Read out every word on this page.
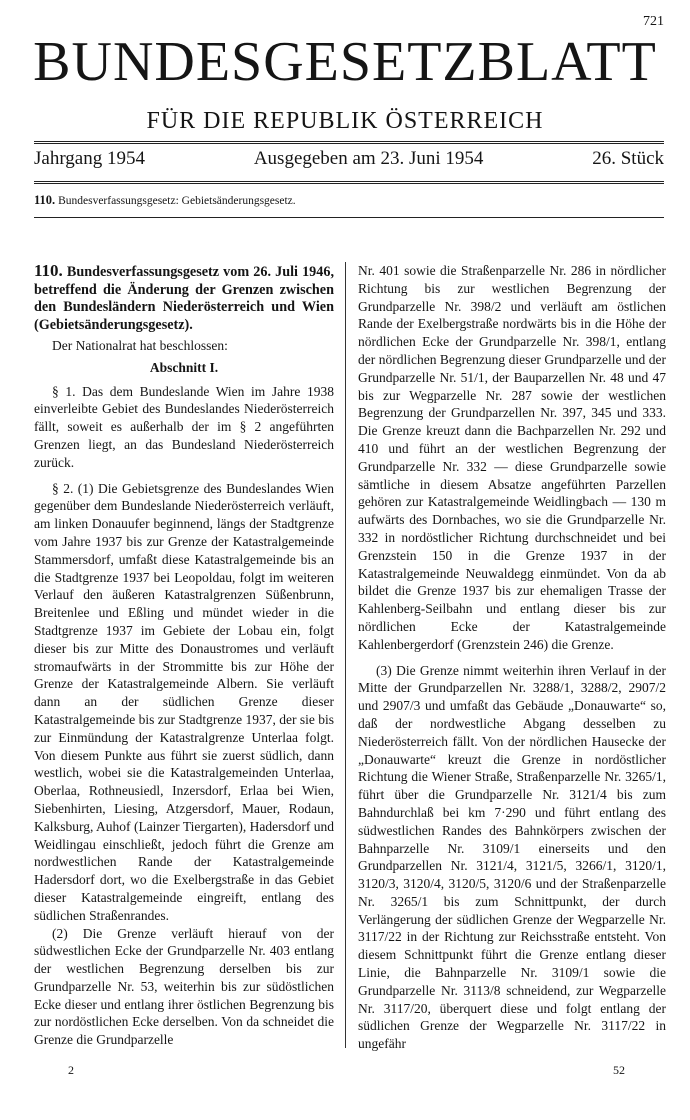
721
BUNDESGESETZBLATT
FÜR DIE REPUBLIK ÖSTERREICH
Jahrgang 1954	Ausgegeben am 23. Juni 1954	26. Stück
110. Bundesverfassungsgesetz: Gebietsänderungsgesetz.
110. Bundesverfassungsgesetz vom 26. Juli 1946, betreffend die Änderung der Grenzen zwischen den Bundesländern Niederösterreich und Wien (Gebietsänderungsgesetz).
Der Nationalrat hat beschlossen:
Abschnitt I.

§ 1. Das dem Bundeslande Wien im Jahre 1938 einverleibte Gebiet des Bundeslandes Niederösterreich fällt, soweit es außerhalb der im § 2 angeführten Grenzen liegt, an das Bundesland Niederösterreich zurück.

§ 2. (1) Die Gebietsgrenze des Bundeslandes Wien gegenüber dem Bundeslande Niederösterreich verläuft, am linken Donauufer beginnend, längs der Stadtgrenze vom Jahre 1937 bis zur Grenze der Katastralgemeinde Stammersdorf, umfaßt diese Katastralgemeinde bis an die Stadtgrenze 1937 bei Leopoldau, folgt im weiteren Verlauf den äußeren Katastralgrenzen Süßenbrunn, Breitenlee und Eßling und mündet wieder in die Stadtgrenze 1937 im Gebiete der Lobau ein, folgt dieser bis zur Mitte des Donaustromes und verläuft stromaufwärts in der Strommitte bis zur Höhe der Grenze der Katastralgemeinde Albern. Sie verläuft dann an der südlichen Grenze dieser Katastralgemeinde bis zur Stadtgrenze 1937, der sie bis zur Einmündung der Katastralgrenze Unterlaa folgt. Von diesem Punkte aus führt sie zuerst südlich, dann westlich, wobei sie die Katastralgemeinden Unterlaa, Oberlaa, Rothneusiedl, Inzersdorf, Erlaa bei Wien, Siebenhirten, Liesing, Atzgersdorf, Mauer, Rodaun, Kalksburg, Auhof (Lainzer Tiergarten), Hadersdorf und Weidlingau einschließt, jedoch führt die Grenze am nordwestlichen Rande der Katastralgemeinde Hadersdorf dort, wo die Exelbergstraße in das Gebiet dieser Katastralgemeinde eingreift, entlang des südlichen Straßenrandes.

(2) Die Grenze verläuft hierauf von der südwestlichen Ecke der Grundparzelle Nr. 403 entlang der westlichen Begrenzung derselben bis zur Grundparzelle Nr. 53, weiterhin bis zur südöstlichen Ecke dieser und entlang ihrer östlichen Begrenzung bis zur nordöstlichen Ecke derselben. Von da schneidet die Grenze die Grundparzelle

Nr. 401 sowie die Straßenparzelle Nr. 286 in nördlicher Richtung bis zur westlichen Begrenzung der Grundparzelle Nr. 398/2 und verläuft am östlichen Rande der Exelbergstraße nordwärts bis in die Höhe der nördlichen Ecke der Grundparzelle Nr. 398/1, entlang der nördlichen Begrenzung dieser Grundparzelle und der Grundparzelle Nr. 51/1, der Bauparzellen Nr. 48 und 47 bis zur Wegparzelle Nr. 287 sowie der westlichen Begrenzung der Grundparzellen Nr. 397, 345 und 333. Die Grenze kreuzt dann die Bachparzellen Nr. 292 und 410 und führt an der westlichen Begrenzung der Grundparzelle Nr. 332 — diese Grundparzelle sowie sämtliche in diesem Absatze angeführten Parzellen gehören zur Katastralgemeinde Weidlingbach — 130 m aufwärts des Dornbaches, wo sie die Grundparzelle Nr. 332 in nordöstlicher Richtung durchschneidet und bei Grenzstein 150 in die Grenze 1937 in der Katastralgemeinde Neuwaldegg einmündet. Von da ab bildet die Grenze 1937 bis zur ehemaligen Trasse der Kahlenberg-Seilbahn und entlang dieser bis zur nördlichen Ecke der Katastralgemeinde Kahlenbergerdorf (Grenzstein 246) die Grenze.

(3) Die Grenze nimmt weiterhin ihren Verlauf in der Mitte der Grundparzellen Nr. 3288/1, 3288/2, 2907/2 und 2907/3 und umfaßt das Gebäude „Donauwarte“ so, daß der nordwestliche Abgang desselben zu Niederösterreich fällt. Von der nördlichen Hausecke der „Donauwarte“ kreuzt die Grenze in nordöstlicher Richtung die Wiener Straße, Straßenparzelle Nr. 3265/1, führt über die Grundparzelle Nr. 3121/4 bis zum Bahndurchlaß bei km 7·290 und führt entlang des südwestlichen Randes des Bahnkörpers zwischen der Bahnparzelle Nr. 3109/1 einerseits und den Grundparzellen Nr. 3121/4, 3121/5, 3266/1, 3120/1, 3120/3, 3120/4, 3120/5, 3120/6 und der Straßenparzelle Nr. 3265/1 bis zum Schnittpunkt, der durch Verlängerung der südlichen Grenze der Wegparzelle Nr. 3117/22 in der Richtung zur Reichsstraße entsteht. Von diesem Schnittpunkt führt die Grenze entlang dieser Linie, die Bahnparzelle Nr. 3109/1 sowie die Grundparzelle Nr. 3113/8 schneidend, zur Wegparzelle Nr. 3117/20, überquert diese und folgt entlang der südlichen Grenze der Wegparzelle Nr. 3117/22 in ungefähr

2	52
